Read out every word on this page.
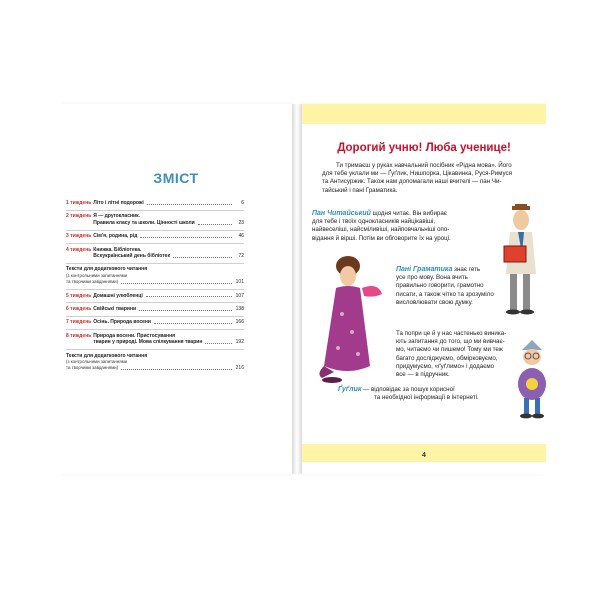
ЗМІСТ
1 тиждень Літо і літні подорожі	6
2 тиждень Я — другокласник.
Правила класу та школи. Цінності школи	23
3 тиждень Сім'я, родина, рід	46
4 тиждень Книжка. Бібліотека.
Всеукраїнський день бібліотек	72
Тексти для додаткового читання
(з контрольними запитаннями
та творчими завданнями)	101
5 тиждень Домашні улюбленці	107
6 тиждень Свійські тварини	138
7 тиждень Осінь. Природа восени	166
8 тиждень Природа восени. Пристосування
тварин у природі. Мова спілкування тварин	192
Тексти для додаткового читання
(з контрольними запитаннями
та творчими завданнями)	216
Дорогий учню! Люба ученице!
Ти тримаєш у руках навчальний посібник «Рідна мова». Його
для тебе уклали ми — Ґуґлик, Нишпорка, Цікавинка, Руся-Римуся
та Антисуржик. Також нам допомагали наші вчителі — пан Чи-
тайський і пані Граматика.
Пан Читайський щодня читає. Він вибирає
для тебе і твоїх однокласників найцікавіші,
найвеселіші, найсміливіші, найповчальніші опо-
відання й вірші. Потім ви обговорите їх на уроці.
Пані Граматика знає геть
усе про мову. Вона вчить
правильно говорити, грамотно
писати, а також чітко та зрозуміло
висловлювати свою думку.
Та попри це й у нас частенько виника-
ють запитання до того, що ми вивчає-
мо, читаємо чи пишемо! Тому ми теж
багато досліджуємо, обмірковуємо,
придумуємо, «ґуґлимо» і додаємо
все — в підручник.
Ґуґлик — відповідає за пошук корисної
та необхідної інформації в інтернеті.
4
